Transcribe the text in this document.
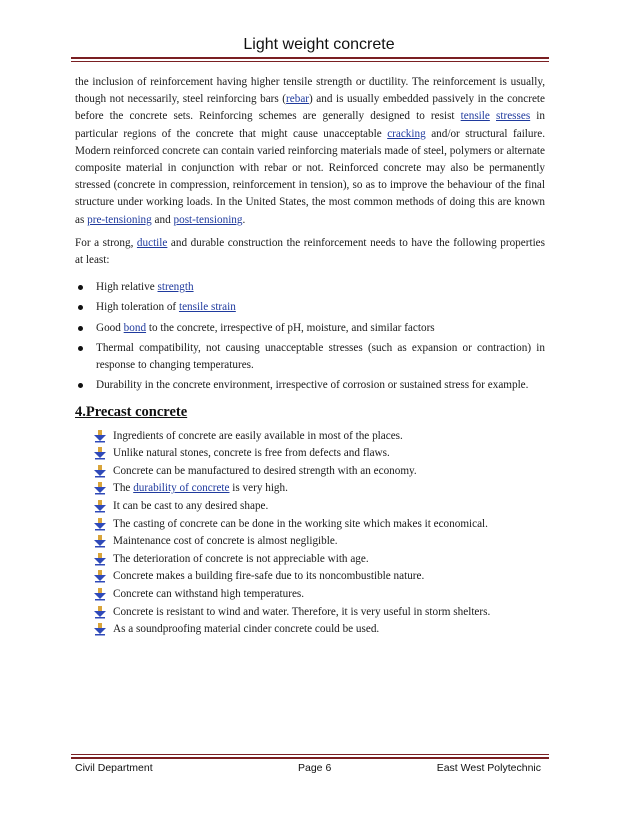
Light weight concrete

the inclusion of reinforcement having higher tensile strength or ductility. The reinforcement is usually, though not necessarily, steel reinforcing bars (rebar) and is usually embedded passively in the concrete before the concrete sets. Reinforcing schemes are generally designed to resist tensile stresses in particular regions of the concrete that might cause unacceptable cracking and/or structural failure. Modern reinforced concrete can contain varied reinforcing materials made of steel, polymers or alternate composite material in conjunction with rebar or not. Reinforced concrete may also be permanently stressed (concrete in compression, reinforcement in tension), so as to improve the behaviour of the final structure under working loads. In the United States, the most common methods of doing this are known as pre-tensioning and post-tensioning.

For a strong, ductile and durable construction the reinforcement needs to have the following properties at least:

High relative strength
High toleration of tensile strain
Good bond to the concrete, irrespective of pH, moisture, and similar factors
Thermal compatibility, not causing unacceptable stresses (such as expansion or contraction) in response to changing temperatures.
Durability in the concrete environment, irrespective of corrosion or sustained stress for example.
4.Precast concrete
Ingredients of concrete are easily available in most of the places.
Unlike natural stones, concrete is free from defects and flaws.
Concrete can be manufactured to desired strength with an economy.
The durability of concrete is very high.
It can be cast to any desired shape.
The casting of concrete can be done in the working site which makes it economical.
Maintenance cost of concrete is almost negligible.
The deterioration of concrete is not appreciable with age.
Concrete makes a building fire-safe due to its noncombustible nature.
Concrete can withstand high temperatures.
Concrete is resistant to wind and water. Therefore, it is very useful in storm shelters.
As a soundproofing material cinder concrete could be used.
Civil Department	Page 6	East West Polytechnic
